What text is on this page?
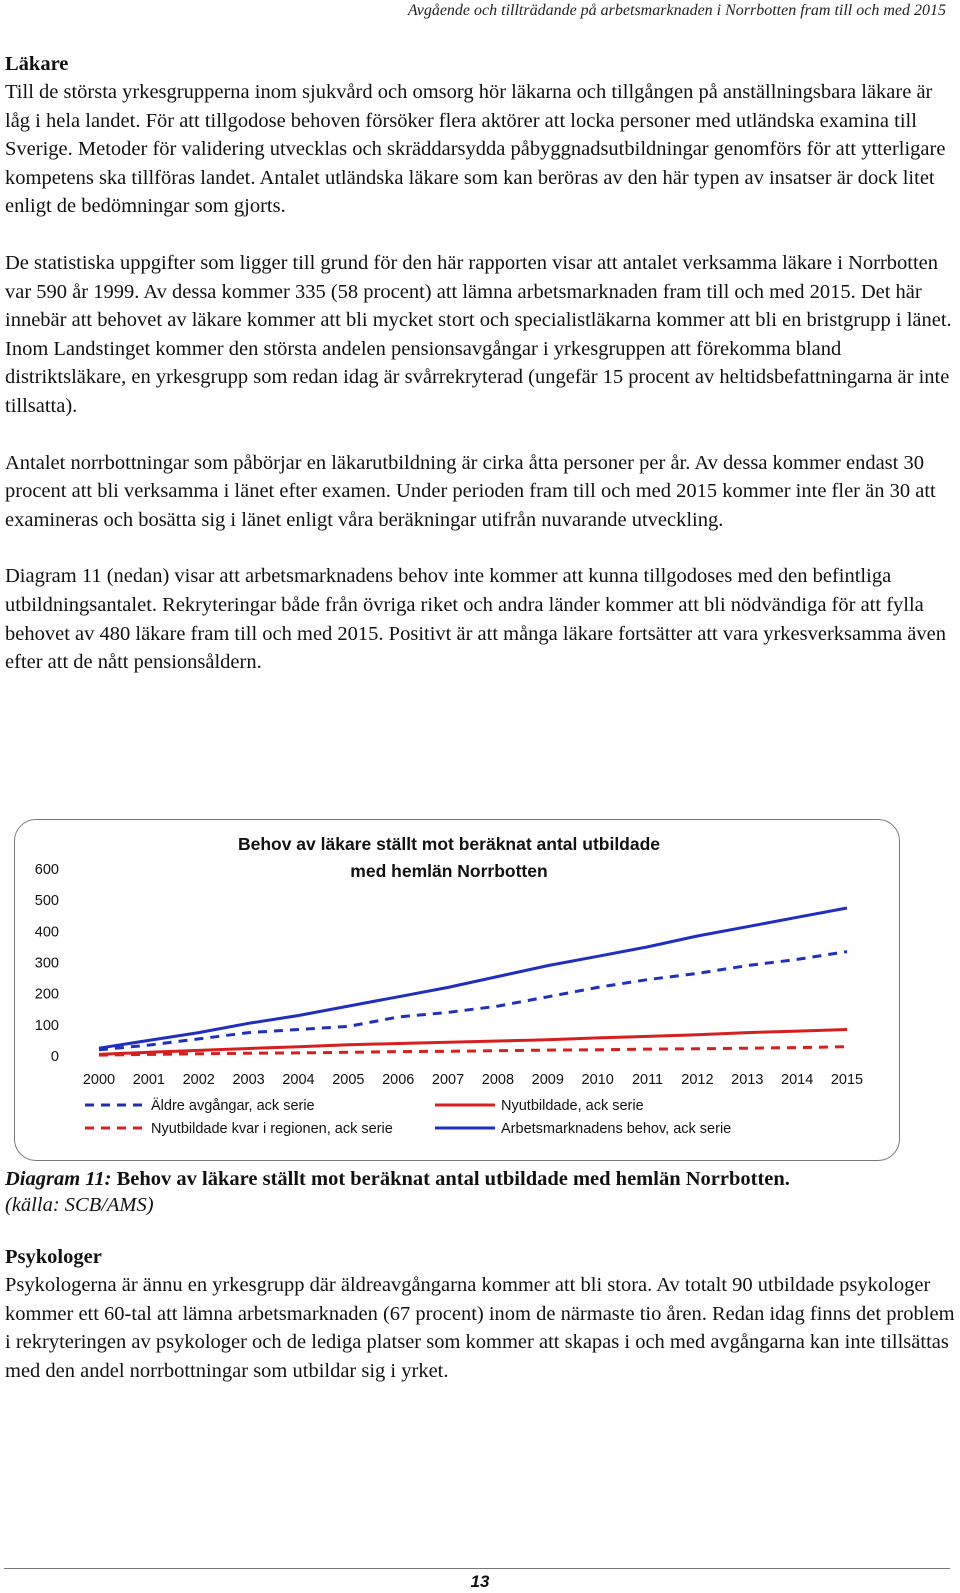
Avgående och tillträdande på arbetsmarknaden i Norrbotten fram till och med 2015
Läkare

Till de största yrkesgrupperna inom sjukvård och omsorg hör läkarna och tillgången på anställningsbara läkare är låg i hela landet. För att tillgodose behoven försöker flera aktörer att locka personer med utländska examina till Sverige. Metoder för validering utvecklas och skräddarsydda påbyggnadsutbildningar genomförs för att ytterligare kompetens ska tillföras landet. Antalet utländska läkare som kan beröras av den här typen av insatser är dock litet enligt de bedömningar som gjorts.

De statistiska uppgifter som ligger till grund för den här rapporten visar att antalet verksamma läkare i Norrbotten var 590 år 1999. Av dessa kommer 335 (58 procent) att lämna arbetsmarknaden fram till och med 2015. Det här innebär att behovet av läkare kommer att bli mycket stort och specialistläkarna kommer att bli en bristgrupp i länet. Inom Landstinget kommer den största andelen pensionsavgångar i yrkesgruppen att förekomma bland distriktsläkare, en yrkesgrupp som redan idag är svårrekryterad (ungefär 15 procent av heltidsbefattningarna är inte tillsatta).

Antalet norrbottningar som påbörjar en läkarutbildning är cirka åtta personer per år. Av dessa kommer endast 30 procent att bli verksamma i länet efter examen. Under perioden fram till och med 2015 kommer inte fler än 30 att examineras och bosätta sig i länet enligt våra beräkningar utifrån nuvarande utveckling.

Diagram 11 (nedan) visar att arbetsmarknadens behov inte kommer att kunna tillgodoses med den befintliga utbildningsantalet. Rekryteringar både från övriga riket och andra länder kommer att bli nödvändiga för att fylla behovet av 480 läkare fram till och med 2015. Positivt är att många läkare fortsätter att vara yrkesverksamma även efter att de nått pensionsåldern.

Behov av läkare ställt mot beräknat antal utbildade
med hemlän Norrbotten
0
100
200
300
400
500
600
2000 2001 2002 2003 2004 2005 2006 2007 2008 2009 2010 2011 2012 2013 2014 2015
Äldre avgångar, ack serie	Nyutbildade, ack serie
Nyutbildade kvar i regionen, ack serie	Arbetsmarknadens behov, ack serie
Diagram 11: Behov av läkare ställt mot beräknat antal utbildade med hemlän Norrbotten.
(källa: SCB/AMS)
Psykologer

Psykologerna är ännu en yrkesgrupp där äldreavgångarna kommer att bli stora. Av totalt 90 utbildade psykologer kommer ett 60-tal att lämna arbetsmarknaden (67 procent) inom de närmaste tio åren. Redan idag finns det problem i rekryteringen av psykologer och de lediga platser som kommer att skapas i och med avgångarna kan inte tillsättas med den andel norrbottningar som utbildar sig i yrket.

13
